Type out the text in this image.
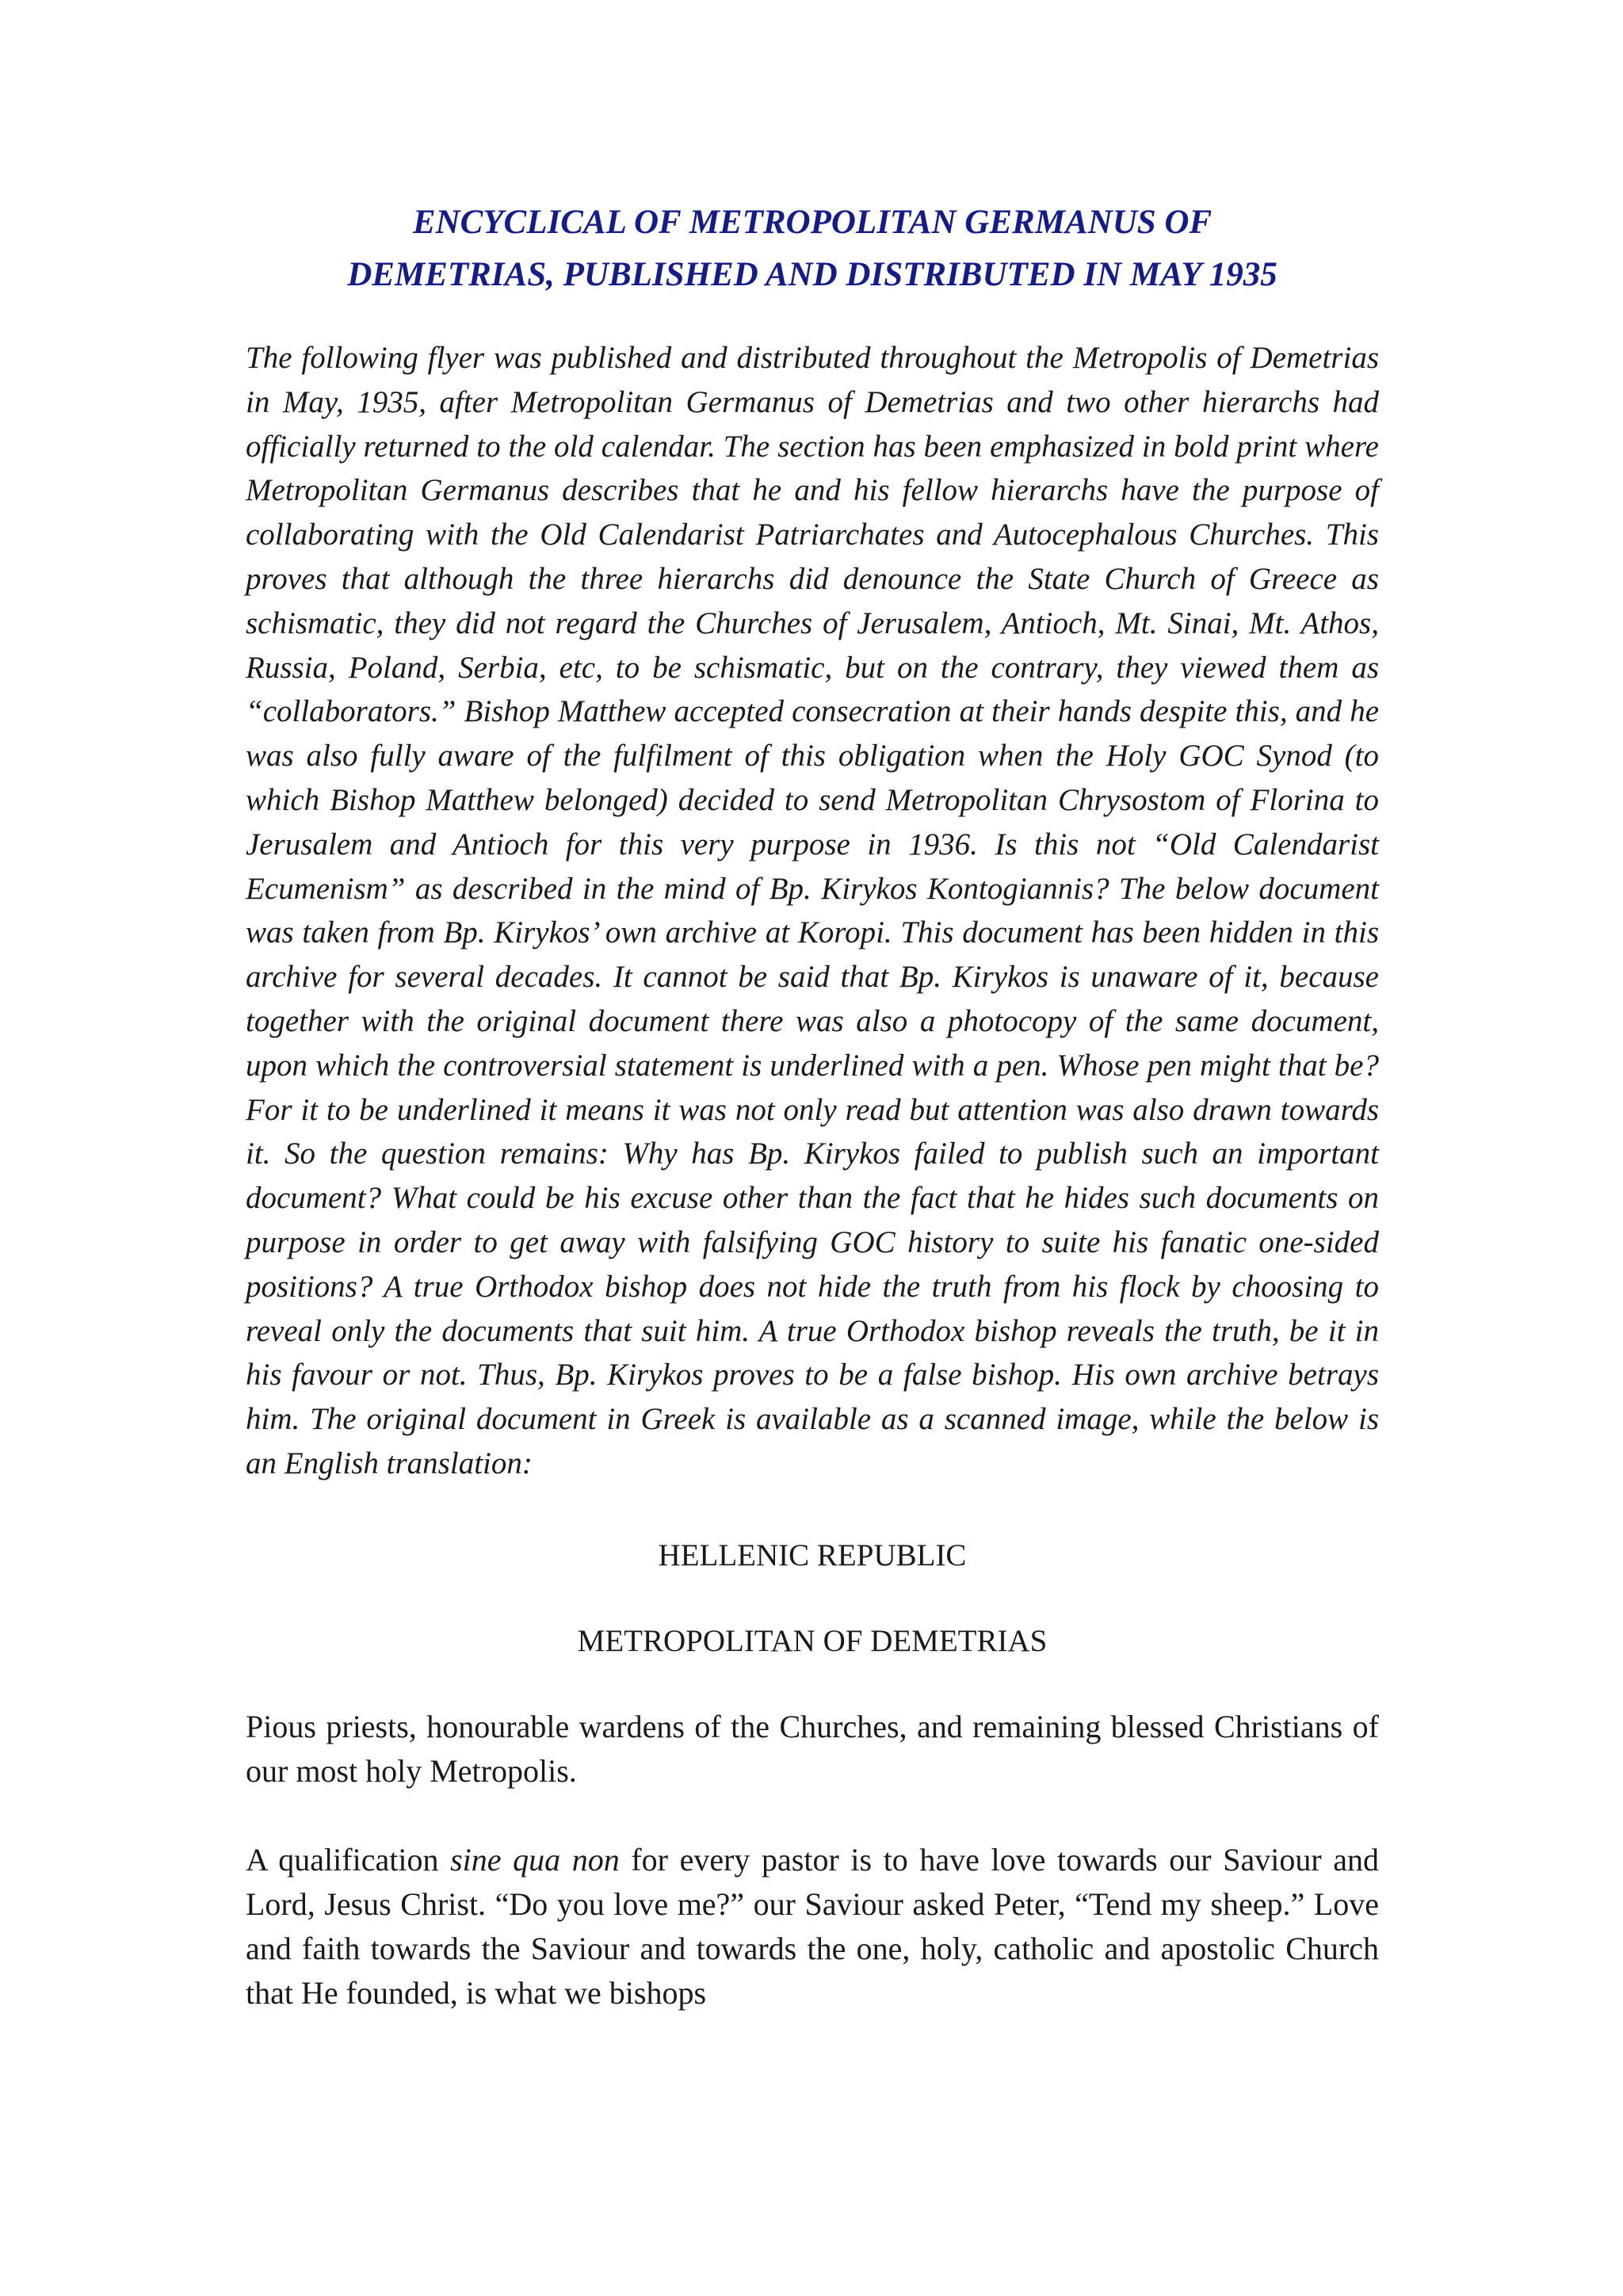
ENCYCLICAL OF METROPOLITAN GERMANUS OF
DEMETRIAS, PUBLISHED AND DISTRIBUTED IN MAY 1935

The following flyer was published and distributed throughout the Metropolis of Demetrias in May, 1935, after Metropolitan Germanus of Demetrias and two other hierarchs had officially returned to the old calendar. The section has been emphasized in bold print where Metropolitan Germanus describes that he and his fellow hierarchs have the purpose of collaborating with the Old Calendarist Patriarchates and Autocephalous Churches. This proves that although the three hierarchs did denounce the State Church of Greece as schismatic, they did not regard the Churches of Jerusalem, Antioch, Mt. Sinai, Mt. Athos, Russia, Poland, Serbia, etc, to be schismatic, but on the contrary, they viewed them as “collaborators.” Bishop Matthew accepted consecration at their hands despite this, and he was also fully aware of the fulfilment of this obligation when the Holy GOC Synod (to which Bishop Matthew belonged) decided to send Metropolitan Chrysostom of Florina to Jerusalem and Antioch for this very purpose in 1936. Is this not “Old Calendarist Ecumenism” as described in the mind of Bp. Kirykos Kontogiannis? The below document was taken from Bp. Kirykos’ own archive at Koropi. This document has been hidden in this archive for several decades. It cannot be said that Bp. Kirykos is unaware of it, because together with the original document there was also a photocopy of the same document, upon which the controversial statement is underlined with a pen. Whose pen might that be? For it to be underlined it means it was not only read but attention was also drawn towards it. So the question remains: Why has Bp. Kirykos failed to publish such an important document? What could be his excuse other than the fact that he hides such documents on purpose in order to get away with falsifying GOC history to suite his fanatic one-sided positions? A true Orthodox bishop does not hide the truth from his flock by choosing to reveal only the documents that suit him. A true Orthodox bishop reveals the truth, be it in his favour or not. Thus, Bp. Kirykos proves to be a false bishop. His own archive betrays him. The original document in Greek is available as a scanned image, while the below is an English translation:

HELLENIC REPUBLIC

METROPOLITAN OF DEMETRIAS

Pious priests, honourable wardens of the Churches, and remaining blessed Christians of our most holy Metropolis.

A qualification sine qua non for every pastor is to have love towards our Saviour and Lord, Jesus Christ. “Do you love me?” our Saviour asked Peter, “Tend my sheep.” Love and faith towards the Saviour and towards the one, holy, catholic and apostolic Church that He founded, is what we bishops
